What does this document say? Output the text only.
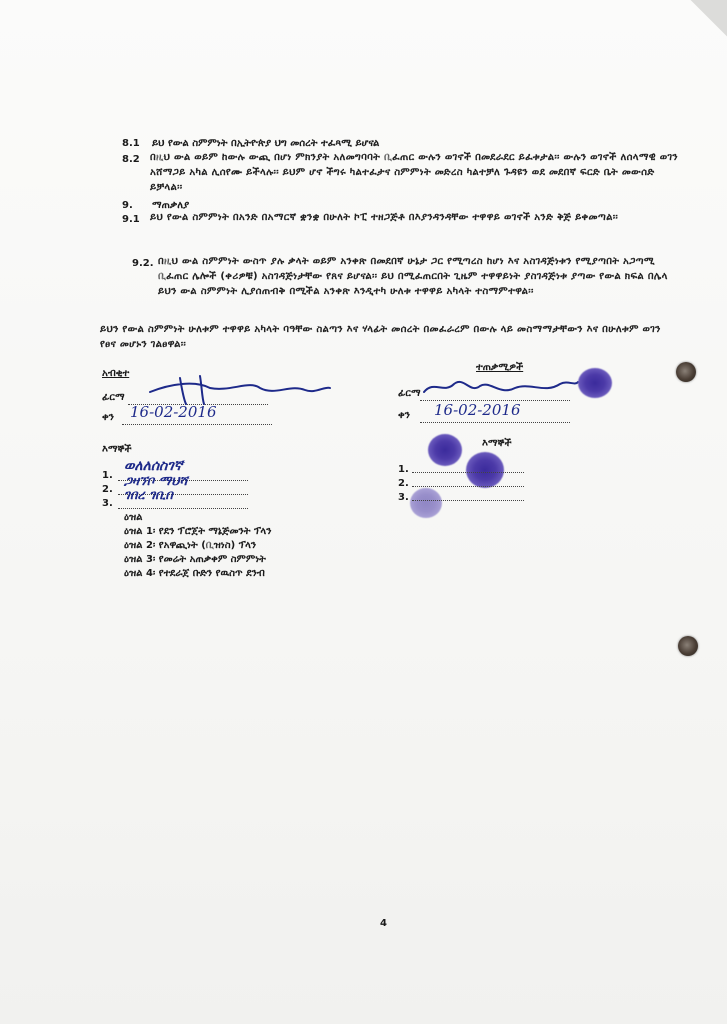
8.1 ይህ የውል ስምምነት በኢትዮጵያ ህግ መሰረት ተፈጻሚ ይሆናል
8.2 በዚህ ውል ወይም ከውሉ ውጪ በሆነ ምክንያት አለመግባባት ቢፈጠር ውሉን ወገኖች በመደራደር ይፈቱታል፡፡ ውሉን ወገኖች ለሰላማዊ ወገን አሸማጋይ አካል ሊሰየሙ ይችላሉ፡፡ ይህም ሆኖ ችግሩ ካልተፈታና ስምምነት መድረስ ካልተቻለ ጉዳዩን ወደ መደበኛ ፍርድ ቤት መውሰድ ይቻላል፡፡
9. ማጠቃለያ
9.1 ይህ የውል ስምምነት በአንድ በአማርኛ ቋንቋ በሁለት ኮፒ ተዘጋጅቶ በእያንዳንዳቸው ተዋዋይ ወገኖች አንድ ቅጅ ይቀመጣል፡፡
9.2. በዚህ ውል ስምምነት ውስጥ ያሉ ቃላት ወይም አንቀጽ በመደበኛ ሁኔታ ጋር የሚጣረስ ከሆነ እና አስገዳጅነቱን የሚያጣበት አጋጣሚ ቢፈጠር ሌሎች (ቀሪዎቹ) አስገዳጅነታቸው የጸና ይሆናል፡፡ ይህ በሚፈጠርበት ጊዜም ተዋዋይነት ያስገዳጅነቱ ያጣው የውል ክፍል በሌላ ይህን ውል ስምምነት ሊያሰጠብቅ በሚችል አንቀጽ እንዲተካ ሁለቱ ተዋዋይ አካላት ተስማምተዋል፡፡
ይህን የውል ስምምነት ሁለቱም ተዋዋይ አካላት ባዓቸው ስልጣን እና ሃላፊት መሰረት በመፈራረም በውሉ ላይ መስማማታቸውን እና በሁለቱም ወገን የፀና መሆኑን ገልፀዋል፡፡
አብቂተ
ፊርማ
ቀን 16-02-2016
ተጠቃሚዎች
ፊርማ
ቀን 16-02-2016
እማኞች
1.
ወለለሰስገኛ
2.
ጋዛኘቦ ማህሻ
3.
ገበረ ገቢበ
እማኞች
1.
2.
3.
ዕዝል
ዕዝል 1፡ የደን ፕሮጀት ማኔጅመንት ፕላን
ዕዝል 2፡ የአዋጪነት (ቢዝነስ) ፕላን
ዕዝል 3፡ የመሬት አጠቃቀም ስምምነት
ዕዝል 4፡ የተደራጀ ቡድን የዉስጥ ደንብ
4
